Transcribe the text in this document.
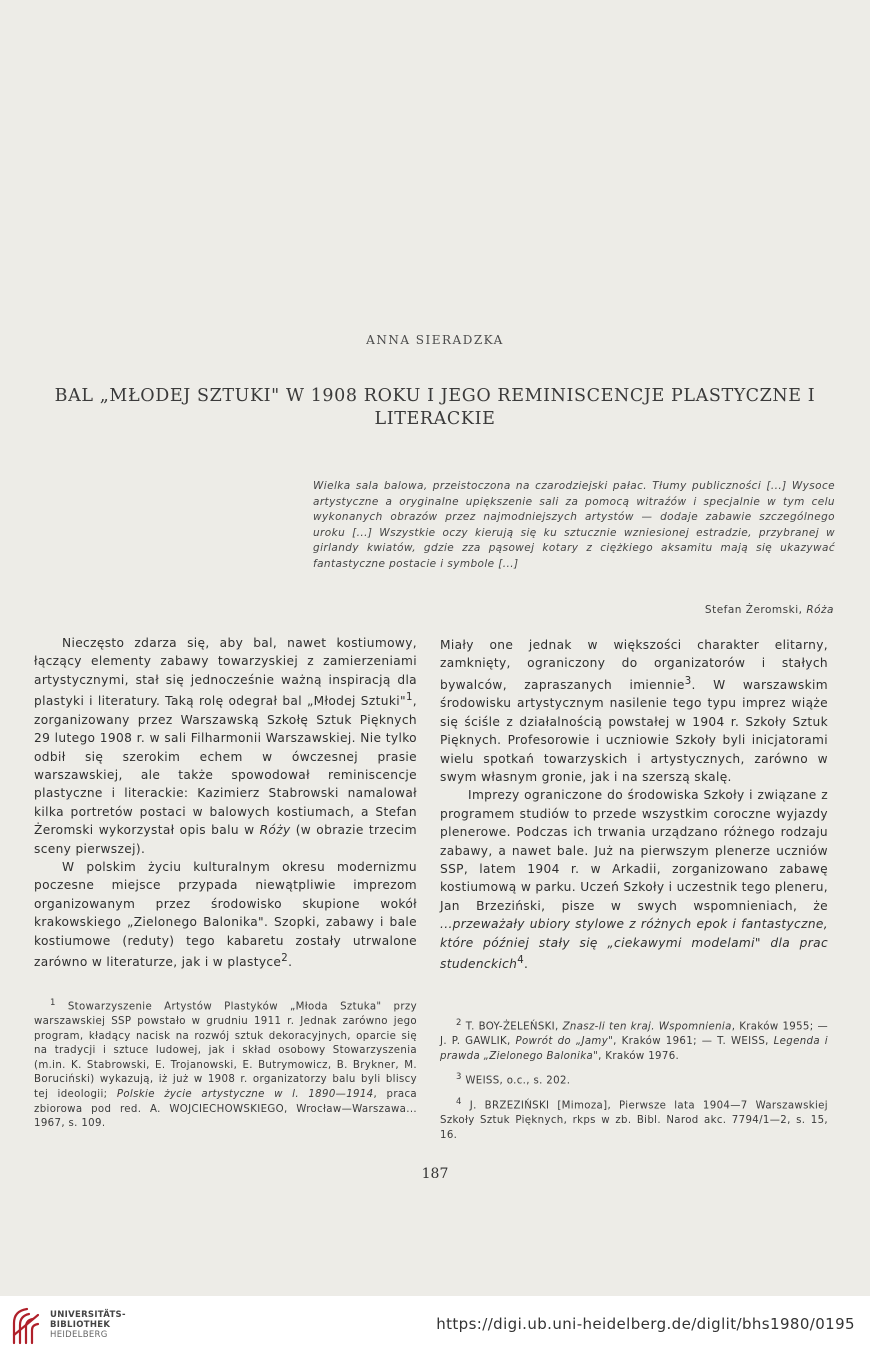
ANNA SIERADZKA
BAL „MŁODEJ SZTUKI" W 1908 ROKU I JEGO REMINISCENCJE PLASTYCZNE I LITERACKIE
Wielka sala balowa, przeistoczona na czarodziejski pałac. Tłumy publiczności [...] Wysoce artystyczne a oryginalne upiększenie sali za pomocą witraźów i specjalnie w tym celu wykonanych obrazów przez najmodniejszych artystów — dodaje zabawie szczególnego uroku [...] Wszystkie oczy kierują się ku sztucznie wzniesionej estradzie, przybranej w girlandy kwiatów, gdzie zza pąsowej kotary z ciężkiego aksamitu mają się ukazywać fantastyczne postacie i symbole [...]
Stefan Żeromski, Róża

Nieczęsto zdarza się, aby bal, nawet kostiumowy, łączący elementy zabawy towarzyskiej z zamierzeniami artystycznymi, stał się jednocześnie ważną inspiracją dla plastyki i literatury. Taką rolę odegrał bal „Młodej Sztuki"$^1$, zorganizowany przez Warszawską Szkołę Sztuk Pięknych 29 lutego 1908 r. w sali Filharmonii Warszawskiej. Nie tylko odbił się szerokim echem w ówczesnej prasie warszawskiej, ale także spowodował reminiscencje plastyczne i literackie: Kazimierz Stabrowski namalował kilka portretów postaci w balowych kostiumach, a Stefan Żeromski wykorzystał opis balu w Róży (w obrazie trzecim sceny pierwszej).

W polskim życiu kulturalnym okresu modernizmu poczesne miejsce przypada niewątpliwie imprezom organizowanym przez środowisko skupione wokół krakowskiego „Zielonego Balonika". Szopki, zabawy i bale kostiumowe (reduty) tego kabaretu zostały utrwalone zarówno w literaturze, jak i w plastyce$^2$.

Miały one jednak w większości charakter elitarny, zamknięty, ograniczony do organizatorów i stałych bywalców, zapraszanych imiennie$^3$. W warszawskim środowisku artystycznym nasilenie tego typu imprez wiąże się ściśle z działalnością powstałej w 1904 r. Szkoły Sztuk Pięknych. Profesorowie i uczniowie Szkoły byli inicjatorami wielu spotkań towarzyskich i artystycznych, zarówno w swym własnym gronie, jak i na szerszą skalę.

Imprezy ograniczone do środowiska Szkoły i związane z programem studiów to przede wszystkim coroczne wyjazdy plenerowe. Podczas ich trwania urządzano różnego rodzaju zabawy, a nawet bale. Już na pierwszym plenerze uczniów SSP, latem 1904 r. w Arkadii, zorganizowano zabawę kostiumową w parku. Uczeń Szkoły i uczestnik tego pleneru, Jan Brzeziński, pisze w swych wspomnieniach, że ...przeważały ubiory stylowe z różnych epok i fantastyczne, które później stały się „ciekawymi modelami" dla prac studenckich$^4$.

$^1$ Stowarzyszenie Artystów Plastyków „Młoda Sztuka" przy warszawskiej SSP powstało w grudniu 1911 r. Jednak zarówno jego program, kładący nacisk na rozwój sztuk dekoracyjnych, oparcie się na tradycji i sztuce ludowej, jak i skład osobowy Stowarzyszenia (m.in. K. Stabrowski, E. Trojanowski, E. Butrymowicz, B. Brykner, M. Boruciński) wykazują, iż już w 1908 r. organizatorzy balu byli bliscy tej ideologii; Polskie życie artystyczne w l. 1890—1914, praca zbiorowa pod red. A. WOJCIECHOWSKIEGO, Wrocław—Warszawa... 1967, s. 109.

$^2$ T. BOY-ŻELEŃSKI, Znasz-li ten kraj. Wspomnienia, Kraków 1955; — J. P. GAWLIK, Powrót do „Jamy", Kraków 1961; — T. WEISS, Legenda i prawda „Zielonego Balonika", Kraków 1976.

$^3$ WEISS, o.c., s. 202.

$^4$ J. BRZEZIŃSKI [Mimoza], Pierwsze lata 1904—7 Warszawskiej Szkoły Sztuk Pięknych, rkps w zb. Bibl. Narod akc. 7794/1—2, s. 15, 16.

187
UNIVERSITÄTS-
BIBLIOTHEK
HEIDELBERG
https://digi.ub.uni-heidelberg.de/diglit/bhs1980/0195
